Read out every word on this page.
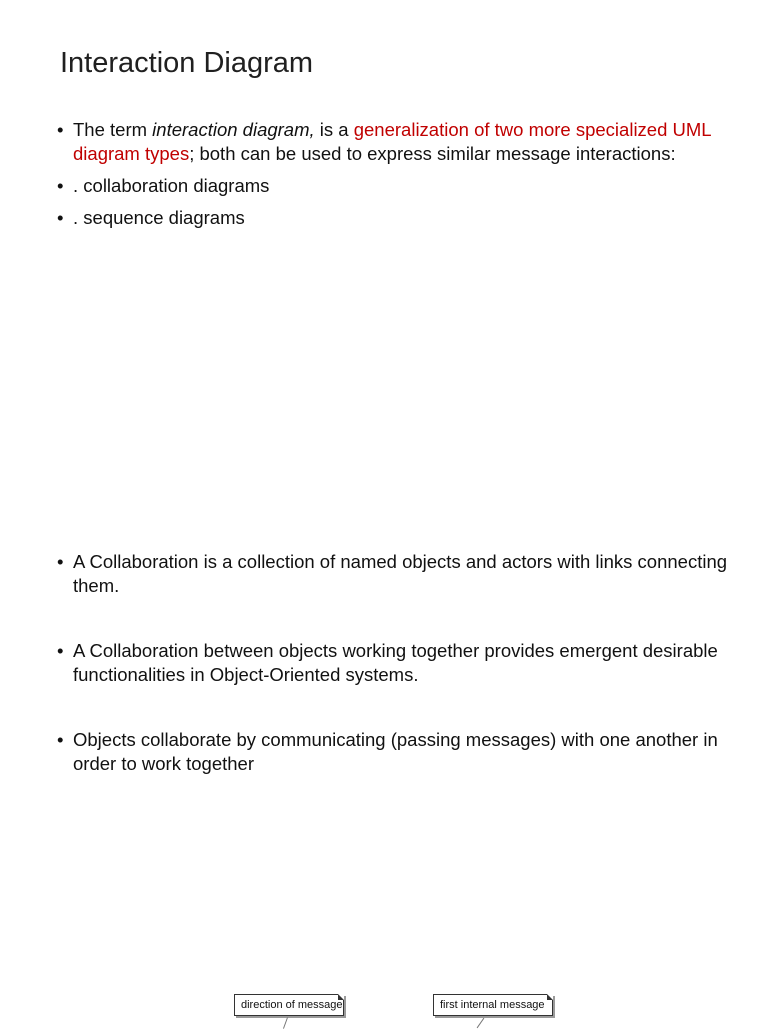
Interaction Diagram
• The term interaction diagram, is a generalization of two more specialized UML diagram types; both can be used to express similar message interactions:
• . collaboration diagrams
• . sequence diagrams
• A Collaboration is a collection of named objects and actors with links connecting them.
• A Collaboration between objects working together provides emergent desirable functionalities in Object-Oriented systems.
• Objects collaborate by communicating (passing messages) with one another in order to work together
direction of message	first internal message
